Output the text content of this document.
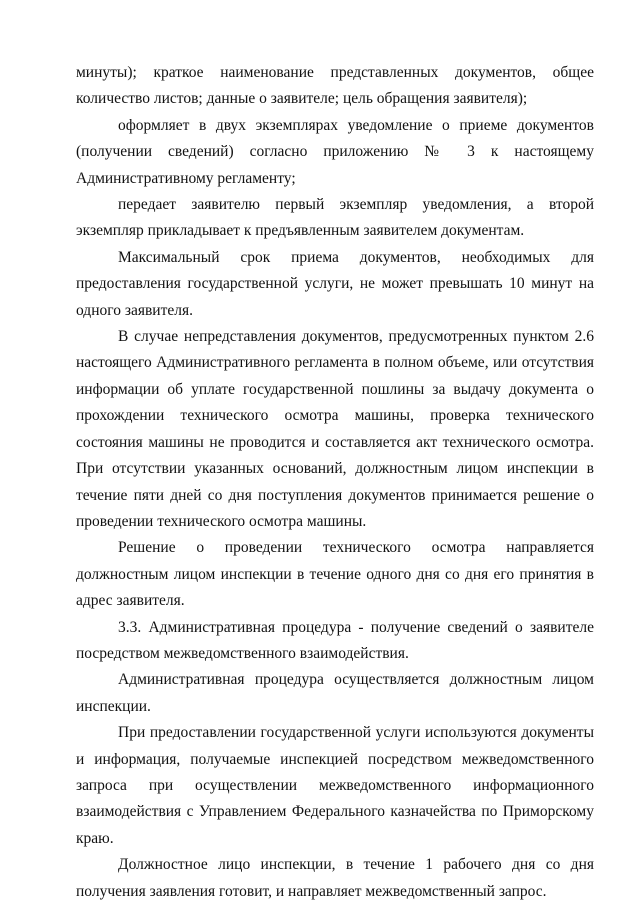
минуты); краткое наименование представленных документов, общее количество листов; данные о заявителе; цель обращения заявителя);

оформляет в двух экземплярах уведомление о приеме документов (получении сведений) согласно приложению № 3 к настоящему Административному регламенту;

передает заявителю первый экземпляр уведомления, а второй экземпляр прикладывает к предъявленным заявителем документам.

Максимальный срок приема документов, необходимых для предоставления государственной услуги, не может превышать 10 минут на одного заявителя.

В случае непредставления документов, предусмотренных пунктом 2.6 настоящего Административного регламента в полном объеме, или отсутствия информации об уплате государственной пошлины за выдачу документа о прохождении технического осмотра машины, проверка технического состояния машины не проводится и составляется акт технического осмотра. При отсутствии указанных оснований, должностным лицом инспекции в течение пяти дней со дня поступления документов принимается решение о проведении технического осмотра машины.

Решение о проведении технического осмотра направляется должностным лицом инспекции в течение одного дня со дня его принятия в адрес заявителя.

3.3. Административная процедура - получение сведений о заявителе посредством межведомственного взаимодействия.

Административная процедура осуществляется должностным лицом инспекции.

При предоставлении государственной услуги используются документы и информация, получаемые инспекцией посредством межведомственного запроса при осуществлении межведомственного информационного взаимодействия с Управлением Федерального казначейства по Приморскому краю.

Должностное лицо инспекции, в течение 1 рабочего дня со дня получения заявления готовит, и направляет межведомственный запрос.
